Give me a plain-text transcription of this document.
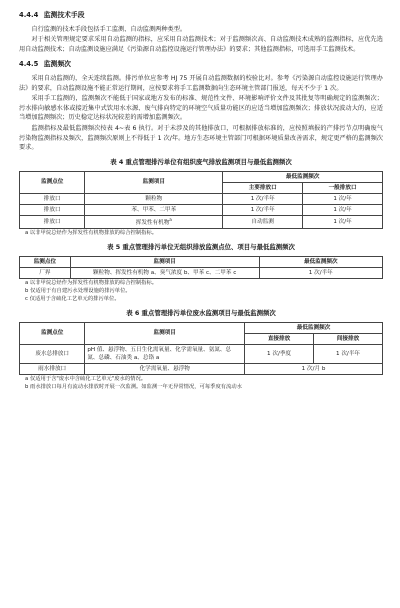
4.4.4 监测技术手段

自行监测的技术手段包括手工监测、自动监测两种类型。

对于相关管理规定要求采用自动监测的指标，应采用自动监测技术；对于监测频次高、自动监测技术成熟的监测指标，应优先选用自动监测技术；自动监测设施应满足《污染源自动监控设施运行管理办法》的要求；其他监测指标，可选用手工监测技术。

4.4.5 监测频次

采用自动监测的，全天连续监测。排污单位应参考 HJ 75 开展自动监测数据的校验比对。参考《污染源自动监控设施运行管理办法》的要求，自动监测设施不能正常运行期间，应按要求将手工监测数据向生态环境主管部门报送，每天不少于 1 次。

采用手工监测的，监测频次不能低于国家或地方发布的标准、规范性文件、环境影响评价文件及其批复等明确规定的监测频次；污水排向敏感水体或接近集中式饮用水水源、废气排向特定的环境空气质量功能区的应适当增加监测频次；排放状况波动大的，应适当增加监测频次；历史稳定达标状况较差的需增加监测频次。

监测指标及最低监测频次按表 4~表 6 执行。对于未涉及的其他排放口，可根据排放标准的，应按照填报的产排污节点明确废气污染物监测指标及频次，监测频次原则上不得低于 1 次/年。地方生态环境主管部门可根据环境质量改善需求，规定更严格的监测频次要求。

表 4 重点管理排污单位有组织废气排放监测项目与最低监测频次
监测点位	监测项目	最低监测频次	
		主要排放口	一般排放口
排放口	颗粒物	1 次/半年	1 次/年
排放口	苯、甲苯、二甲苯	1 次/半年	1 次/年
排放口	挥发性有机物$^a$	自动监测	1 次/年
a 以非甲烷总烃作为挥发性有机物排放的综合控制指标。
表 5 重点管理排污单位无组织排放监测点位、项目与最低监测频次
监测点位	监测项目	最低监测频次
厂界	颗粒物、挥发性有机物 a、臭气浓度 b、甲苯 c、二甲苯 c	1 次/半年
a 以非甲烷总烃作为挥发性有机物排放的综合控制指标。
b 仅适用于有自建污水处理设施的排污单位。
c 仅适用于含硫化工艺单元的排污单位。
表 6 重点管理排污单位废水监测项目与最低监测频次
监测点位	监测项目	最低监测频次	
		直接排放	间接排放
废水总排放口	pH 值、悬浮物、五日生化需氧量、化学需氧量、氨氮、总氮、总磷、石油类 a、总铬 a	1 次/季度	1 次/半年
雨水排放口	化学需氧量、悬浮物	1 次/月 b	
a 仅适用于含"废水中含硫化工艺单元"废水的情况。
b 雨水排放口每月有流动水排放时开展一次监测。如监测一年无异常情况，可每季度有流动水
